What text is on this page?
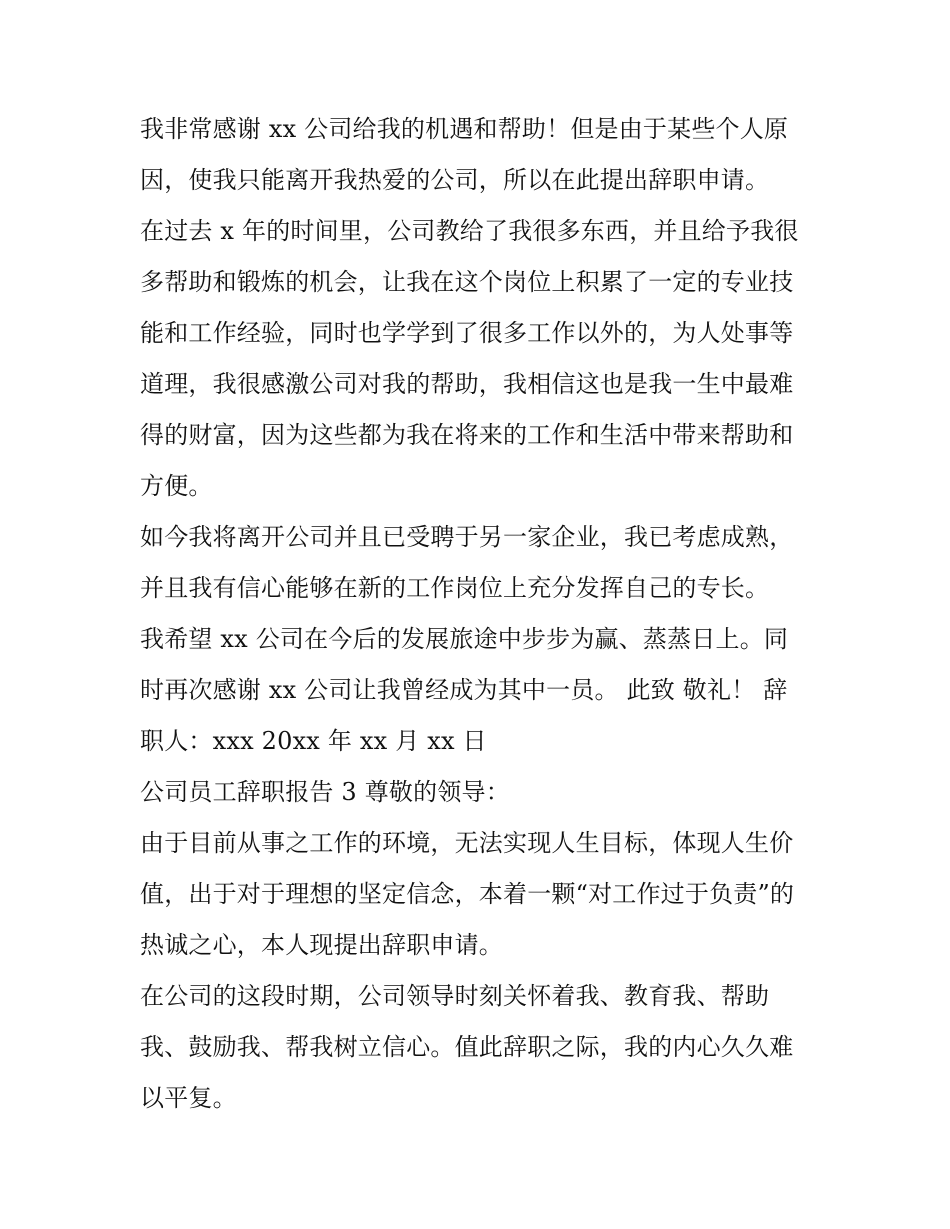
我非常感谢 xx 公司给我的机遇和帮助！但是由于某些个人原
因，使我只能离开我热爱的公司，所以在此提出辞职申请。

在过去 x 年的时间里，公司教给了我很多东西，并且给予我很
多帮助和锻炼的机会，让我在这个岗位上积累了一定的专业技
能和工作经验，同时也学学到了很多工作以外的，为人处事等
道理，我很感激公司对我的帮助，我相信这也是我一生中最难
得的财富，因为这些都为我在将来的工作和生活中带来帮助和
方便。

如今我将离开公司并且已受聘于另一家企业，我已考虑成熟，
并且我有信心能够在新的工作岗位上充分发挥自己的专长。

我希望 xx 公司在今后的发展旅途中步步为赢、蒸蒸日上。同
时再次感谢 xx 公司让我曾经成为其中一员。 此致 敬礼！ 辞
职人：xxx 20xx 年 xx 月 xx 日

公司员工辞职报告 3 尊敬的领导：

由于目前从事之工作的环境，无法实现人生目标，体现人生价
值，出于对于理想的坚定信念，本着一颗“对工作过于负责”的
热诚之心，本人现提出辞职申请。

在公司的这段时期，公司领导时刻关怀着我、教育我、帮助
我、鼓励我、帮我树立信心。值此辞职之际，我的内心久久难
以平复。
